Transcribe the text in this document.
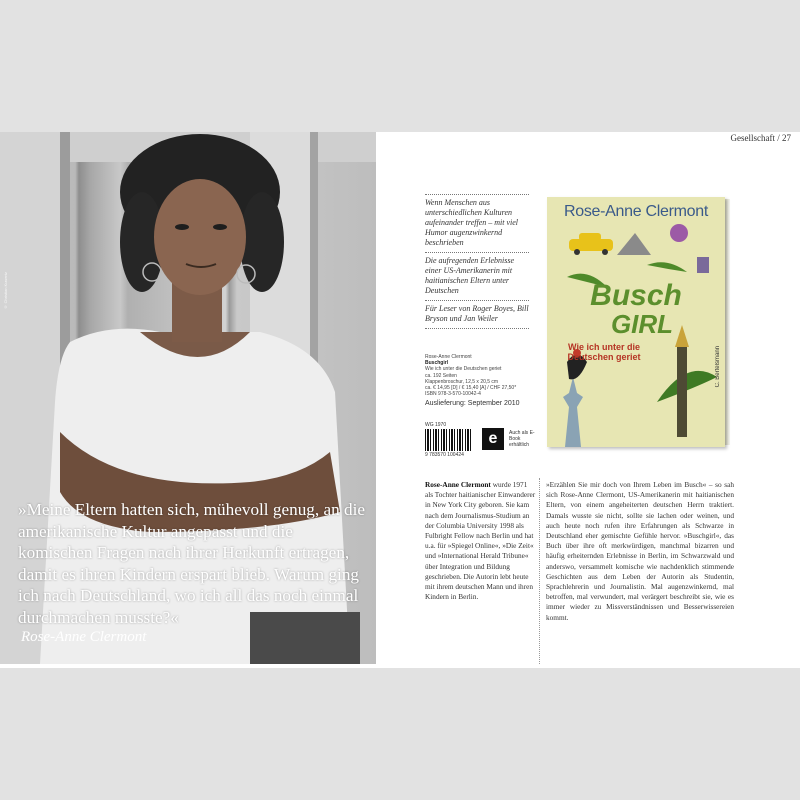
© Christian Kuwertz

»Meine Eltern hatten sich, mühevoll genug, an die amerikanische Kultur angepasst und die komischen Fragen nach ihrer Herkunft ertragen, damit es ihren Kindern erspart blieb. Warum ging ich nach Deutschland, wo ich all das noch einmal durchmachen musste?«

Rose-Anne Clermont

Gesellschaft / 27

Wenn Menschen aus unterschiedlichen Kulturen aufeinander treffen – mit viel Humor augenzwinkernd beschrieben

Die aufregenden Erlebnisse einer US-Amerikanerin mit haitianischen Eltern unter Deutschen

Für Leser von Roger Boyes, Bill Bryson und Jan Weiler

Rose-Anne Clermont
Buschgirl
Wie ich unter die Deutschen geriet
ca. 192 Seiten
Klappenbroschur, 12,5 x 20,5 cm
ca. € 14,95 [D] / € 15,40 [A] / CHF 27,50*
ISBN 978-3-570-10042-4
Auslieferung: September 2010
WG 1970
9 783570 100424
e	Auch als E-Book erhältlich
Rose-Anne Clermont
Busch
GIRL
Wie ich unter die Deutschen geriet	C. Bertelsmann

Rose-Anne Clermont wurde 1971 als Tochter haitianischer Einwanderer in New York City geboren. Sie kam nach dem Journalismus-Studium an der Columbia University 1998 als Fulbright Fellow nach Berlin und hat u.a. für »Spiegel Online«, »Die Zeit« und »International Herald Tribune« über Integration und Bildung geschrieben. Die Autorin lebt heute mit ihrem deutschen Mann und ihren Kindern in Berlin.

»Erzählen Sie mir doch von Ihrem Leben im Busch« – so sah sich Rose-Anne Clermont, US-Amerikanerin mit haitianischen Eltern, von einem angeheiterten deutschen Herrn traktiert. Damals wusste sie nicht, sollte sie lachen oder weinen, und auch heute noch rufen ihre Erfahrungen als Schwarze in Deutschland eher gemischte Gefühle hervor. »Buschgirl«, das Buch über ihre oft merkwürdigen, manchmal bizarren und häufig erheiternden Erlebnisse in Berlin, im Schwarzwald und anderswo, versammelt komische wie nachdenklich stimmende Geschichten aus dem Leben der Autorin als Studentin, Sprachlehrerin und Journalistin. Mal augenzwinkernd, mal betroffen, mal verwundert, mal verärgert beschreibt sie, wie es immer wieder zu Missverständnissen und Besserwissereien kommt.
